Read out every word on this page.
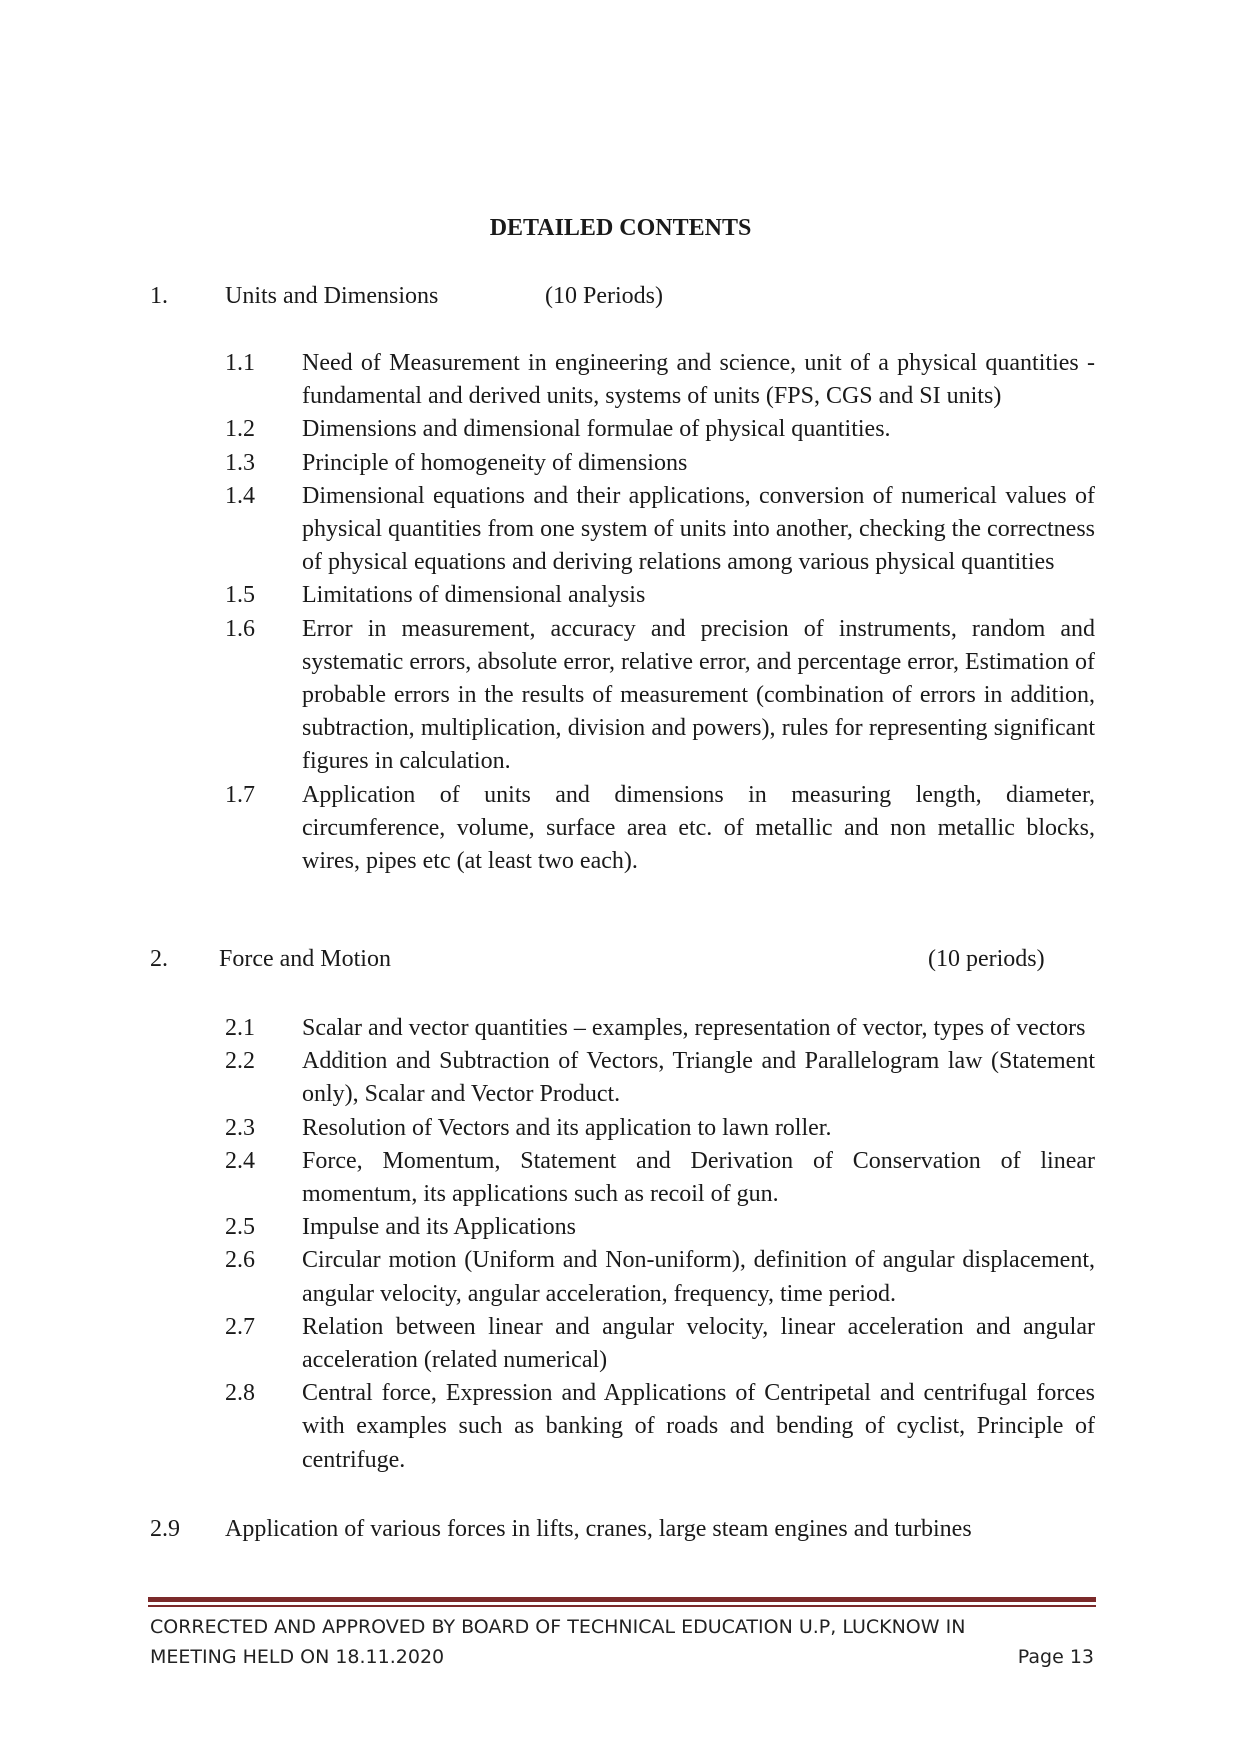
DETAILED CONTENTS
1. Units and Dimensions	(10 Periods)
1.1 Need of Measurement in engineering and science, unit of a physical quantities - fundamental and derived units, systems of units (FPS, CGS and SI units)
1.2 Dimensions and dimensional formulae of physical quantities.
1.3 Principle of homogeneity of dimensions
1.4 Dimensional equations and their applications, conversion of numerical values of physical quantities from one system of units into another, checking the correctness of physical equations and deriving relations among various physical quantities
1.5 Limitations of dimensional analysis
1.6 Error in measurement, accuracy and precision of instruments, random and systematic errors, absolute error, relative error, and percentage error, Estimation of probable errors in the results of measurement (combination of errors in addition, subtraction, multiplication, division and powers), rules for representing significant figures in calculation.
1.7 Application of units and dimensions in measuring length, diameter, circumference, volume, surface area etc. of metallic and non metallic blocks, wires, pipes etc (at least two each).
2. Force and Motion	(10 periods)
2.1 Scalar and vector quantities – examples, representation of vector, types of vectors
2.2 Addition and Subtraction of Vectors, Triangle and Parallelogram law (Statement only), Scalar and Vector Product.
2.3 Resolution of Vectors and its application to lawn roller.
2.4 Force, Momentum, Statement and Derivation of Conservation of linear momentum, its applications such as recoil of gun.
2.5 Impulse and its Applications
2.6 Circular motion (Uniform and Non-uniform), definition of angular displacement, angular velocity, angular acceleration, frequency, time period.
2.7 Relation between linear and angular velocity, linear acceleration and angular acceleration (related numerical)
2.8 Central force, Expression and Applications of Centripetal and centrifugal forces with examples such as banking of roads and bending of cyclist, Principle of centrifuge.
2.9 Application of various forces in lifts, cranes, large steam engines and turbines
CORRECTED AND APPROVED BY BOARD OF TECHNICAL EDUCATION U.P, LUCKNOW IN
MEETING HELD ON 18.11.2020	Page 13
